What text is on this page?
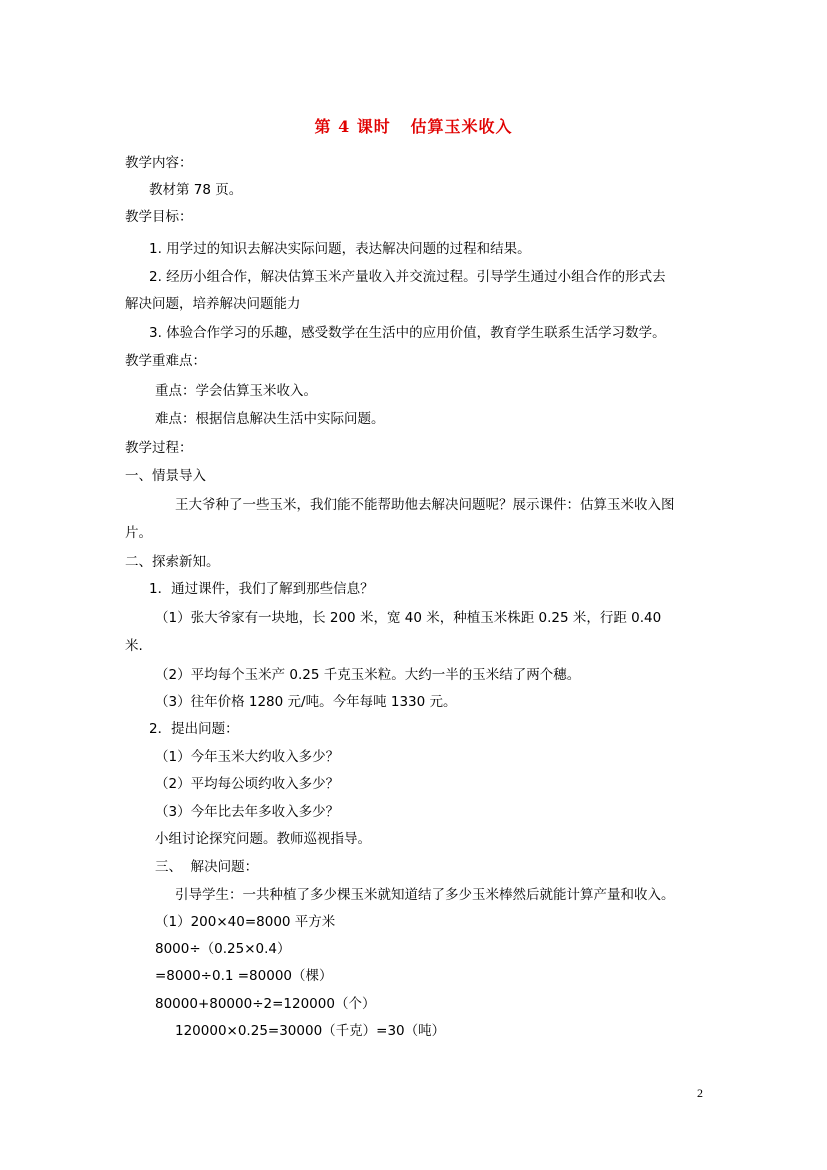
第 4 课时   估算玉米收入
教学内容：
教材第 78 页。
教学目标：
1. 用学过的知识去解决实际问题，表达解决问题的过程和结果。
2. 经历小组合作，解决估算玉米产量收入并交流过程。引导学生通过小组合作的形式去
解决问题，培养解决问题能力
3. 体验合作学习的乐趣，感受数学在生活中的应用价值，教育学生联系生活学习数学。
教学重难点：
重点：学会估算玉米收入。
难点：根据信息解决生活中实际问题。
教学过程：
一、情景导入
王大爷种了一些玉米，我们能不能帮助他去解决问题呢？展示课件：估算玉米收入图
片。
二、探索新知。
1．通过课件，我们了解到那些信息？
（1）张大爷家有一块地，长 200 米，宽 40 米，种植玉米株距 0.25 米，行距 0.40
米.
（2）平均每个玉米产 0.25 千克玉米粒。大约一半的玉米结了两个穗。
（3）往年价格 1280 元/吨。今年每吨 1330 元。
2．提出问题：
（1）今年玉米大约收入多少？
（2）平均每公顷约收入多少？
（3）今年比去年多收入多少？
小组讨论探究问题。教师巡视指导。
三、  解决问题：
引导学生：一共种植了多少棵玉米就知道结了多少玉米棒然后就能计算产量和收入。
（1）200×40=8000 平方米
8000÷（0.25×0.4）
=8000÷0.1 =80000（棵）
80000+80000÷2=120000（个）
120000×0.25=30000（千克）=30（吨）
2
